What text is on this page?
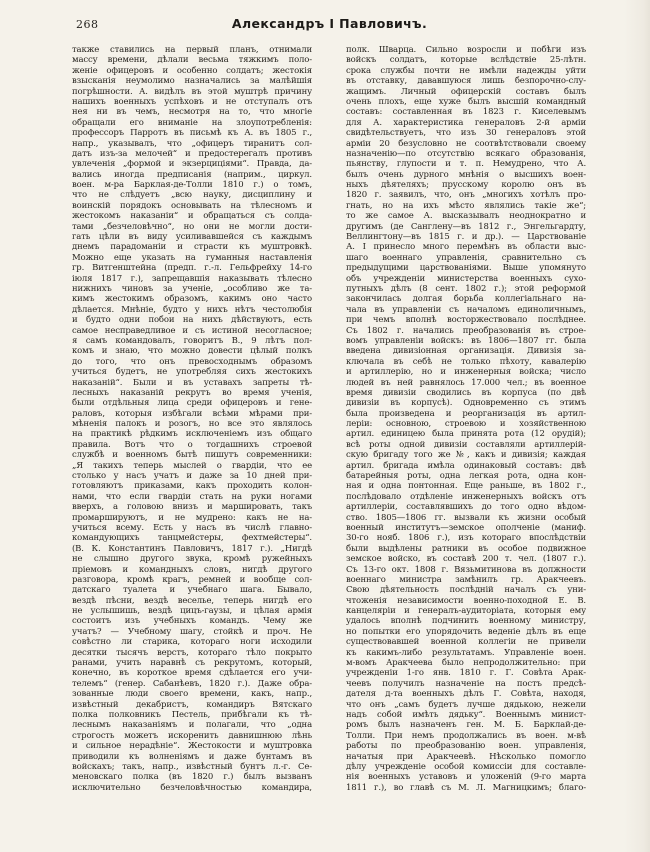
268	Александръ I Павловичъ.
также ставились на первый планъ, отнимали
массу времени, дѣлали весьма тяжкимъ поло-
женіе офицеровъ и особенно солдатъ; жестокія
взысканія неумолимо назначались за малѣйшія
погрѣшности. А. видѣлъ въ этой муштрѣ причину
нашихъ военныхъ успѣховъ и не отступалъ отъ
нея ни въ чемъ, несмотря на то, что многіе
обращали его вниманіе на злоупотребленія:
профессоръ Парротъ въ письмѣ къ А. въ 1805 г.,
напр., указывалъ, что „офицеръ тиранитъ сол-
датъ изъ-за мелочей“ и предостерегалъ противъ
увлеченія „формой и экзерциціями“. Правда, да-
вались иногда предписанія (наприм., циркул.
воен. м-ра Барклая-де-Толли 1810 г.) о томъ,
что не слѣдуетъ „всю науку, дисциплину и
воинскій порядокъ основывать на тѣлесномъ и
жестокомъ наказаніи“ и обращаться съ солда-
тами „безчеловѣчно“, но они не могли дости-
гать цѣли въ виду усиливавшейся съ каждымъ
днемъ парадоманіи и страсти къ муштровкѣ.
Можно еще указать на гуманныя наставленія
гр. Витгенштейна (предп. г.-л. Гельфрейху 14-го
іюля 1817 г.), запрещавшія наказывать тѣлесно
нижнихъ чиновъ за ученіе, „особливо же та-
кимъ жестокимъ образомъ, какимъ оно часто
дѣлается. Мнѣніе, будто у нихъ нѣтъ честолюбія
и будто одни побои на нихъ дѣйствуютъ, есть
самое несправедливое и съ истиной несогласное;
я самъ командовалъ, говоритъ В., 9 лѣтъ пол-
комъ и знаю, что можно довести цѣлый полкъ
до того, что онъ превосходнымъ образомъ
учиться будетъ, не употребляя сихъ жестокихъ
наказаній“. Были и въ уставахъ запреты тѣ-
лесныхъ наказаній рекрутъ во время ученія,
были отдѣльныя лица среди офицеровъ и гене-
раловъ, которыя избѣгали всѣми мѣрами при-
мѣненія палокъ и розогъ, но все это являлось
на практикѣ рѣдкимъ исключеніемъ изъ общаго
правила. Вотъ что о тогдашнихъ строевой
службѣ и военномъ бытѣ пишутъ современники:
„Я такихъ теперь мыслей о гвардіи, что ее
столько у насъ учатъ и даже за 10 дней при-
готовляютъ приказами, какъ проходить колон-
нами, что если гвардіи стать на руки ногами
вверхъ, а головою внизъ и маршировать, такъ
промаршируютъ, и не мудрено: какъ не на-
учиться всему. Есть у насъ въ числѣ главно-
командующихъ танцмейстеры, фехтмейстеры“.
(В. К. Константинъ Павловичъ, 1817 г.). „Нигдѣ
не слышно другого звука, кромѣ ружейныхъ
пріемовъ и командныхъ словъ, нигдѣ другого
разговора, кромѣ крагъ, ремней и вообще сол-
датскаго туалета и учебнаго шага. Бывало,
вездѣ пѣсни, вездѣ веселье, теперь нигдѣ его
не услышишь, вездѣ цицъ-гаузы, и цѣлая армія
состоитъ изъ учебныхъ командъ. Чему же
учатъ? — Учебному шагу, стойкѣ и проч. Не
совѣстно ли старика, котораго ноги исходили
десятки тысячъ верстъ, котораго тѣло покрыто
ранами, учить наравнѣ съ рекрутомъ, который,
конечно, въ короткое время сдѣлается его учи-
телемъ“ (генер. Сабанѣевъ, 1820 г.). Даже обра-
зованные люди своего времени, какъ, напр.,
извѣстный декабристъ, командиръ Вятскаго
полка полковникъ Пестель, прибѣгали къ тѣ-
леснымъ наказаніямъ и полагали, что „одна
строгость можетъ искоренить давнишнюю лѣнь
и сильное нерадѣніе“. Жестокости и муштровка
приводили къ волненіямъ и даже бунтамъ въ
войскахъ; такъ, напр., извѣстный бунтъ л.-г. Се-
меновскаго полка (въ 1820 г.) былъ вызванъ
исключительно безчеловѣчностью командира,
полк. Шварца. Сильно возросли и побѣги изъ
войскъ солдатъ, которые вслѣдствіе 25-лѣтн.
срока службы почти не имѣли надежды уйти
въ отставку, дававшуюся лишь безпорочно-слу-
жащимъ. Личный офицерскій составъ былъ
очень плохъ, еще хуже былъ высшій командный
составъ: составленная въ 1823 г. Киселевымъ
для А. характеристика генераловъ 2-й арміи
свидѣтельствуетъ, что изъ 30 генераловъ этой
арміи 20 безусловно не соотвѣтствовали своему
назначенію—по отсутствію всякаго образованія,
пьянству, глупости и т. п. Немудрено, что А.
былъ очень дурного мнѣнія о высшихъ воен-
ныхъ дѣятеляхъ; прусскому королю онъ въ
1820 г. заявилъ, что, онъ „многихъ хотѣлъ про-
гнать, но на ихъ мѣсто являлись такіе же“;
то же самое А. высказывалъ неоднократно и
другимъ (де Санглену—въ 1812 г., Энгельгардту,
Веллингтону—въ 1815 г. и др.). — Царствованіе
А. I принесло много перемѣнъ въ области выс-
шаго военнаго управленія, сравнительно съ
предыдущими царствованіями. Выше упомянуто
объ учрежденіи министерства военныхъ сухо-
путныхъ дѣлъ (8 сент. 1802 г.); этой реформой
закончилась долгая борьба коллегіальнаго на-
чала въ управленіи съ началомъ единоличнымъ,
при чемъ вполнѣ восторжествовало послѣднее.
Съ 1802 г. начались преобразованія въ строе-
вомъ управленіи войскъ: въ 1806—1807 гг. была
введена дивизіонная организація. Дивизія за-
ключала въ себѣ не только пѣхоту, кавалерію
и артиллерію, но и инженерныя войска; число
людей въ ней равнялось 17.000 чел.; въ военное
время дивизіи сводились въ корпуса (по двѣ
дивизіи въ корпусѣ). Одновременно съ этимъ
была произведена и реорганизація въ артил-
леріи: основною, строевою и хозяйственною
артил. единицею была принята рота (12 орудій);
всѣ роты одной дивизіи составляли артиллерій-
скую бригаду того же №, какъ и дивизія; каждая
артил. бригада имѣла одинаковый составъ: двѣ
батарейныя роты, одна легкая рота, одна кон-
ная и одна понтонная. Еще раньше, въ 1802 г.,
послѣдовало отдѣленіе инженерныхъ войскъ отъ
артиллеріи, составлявшихъ до того одно вѣдом-
ство. 1805—1806 гг. вызвали къ жизни особый
военный институтъ—земское ополченіе (маниф.
30-го нояб. 1806 г.), изъ котораго впослѣдствіи
были выдѣлены ратники въ особое подвижное
земское войско, въ составѣ 200 т. чел. (1807 г.).
Съ 13-го окт. 1808 г. Вязьмитинова въ должности
военнаго министра замѣнилъ гр. Аракчеевъ.
Свою дѣятельность послѣдній началъ съ уни-
чтоженія независимости военно-походной Е. В.
канцеляріи и генералъ-аудиторіата, которыя ему
удалось вполнѣ подчинить военному министру,
но попытки его упорядочить веденіе дѣлъ въ еще
существовавшей военной коллегіи не привели
къ какимъ-либо результатамъ. Управленіе воен.
м-вомъ Аракчеева было непродолжительно: при
учрежденіи 1-го янв. 1810 г. Г. Совѣта Арак-
чеевъ получилъ назначеніе на постъ предсѣ-
дателя д-та военныхъ дѣлъ Г. Совѣта, находя,
что онъ „самъ будетъ лучше дядькою, нежели
надъ собой имѣть дядьку“. Военнымъ минист-
ромъ былъ назначенъ ген. М. Б. Барклай-де-
Толли. При немъ продолжались въ воен. м-вѣ
работы по преобразованію воен. управленія,
начатыя при Аракчеевѣ. Нѣсколько помогло
дѣлу учрежденіе особой комиссіи для составле-
нія военныхъ уставовъ и уложеній (9-го марта
1811 г.), во главѣ съ М. Л. Магницкимъ; благо-
